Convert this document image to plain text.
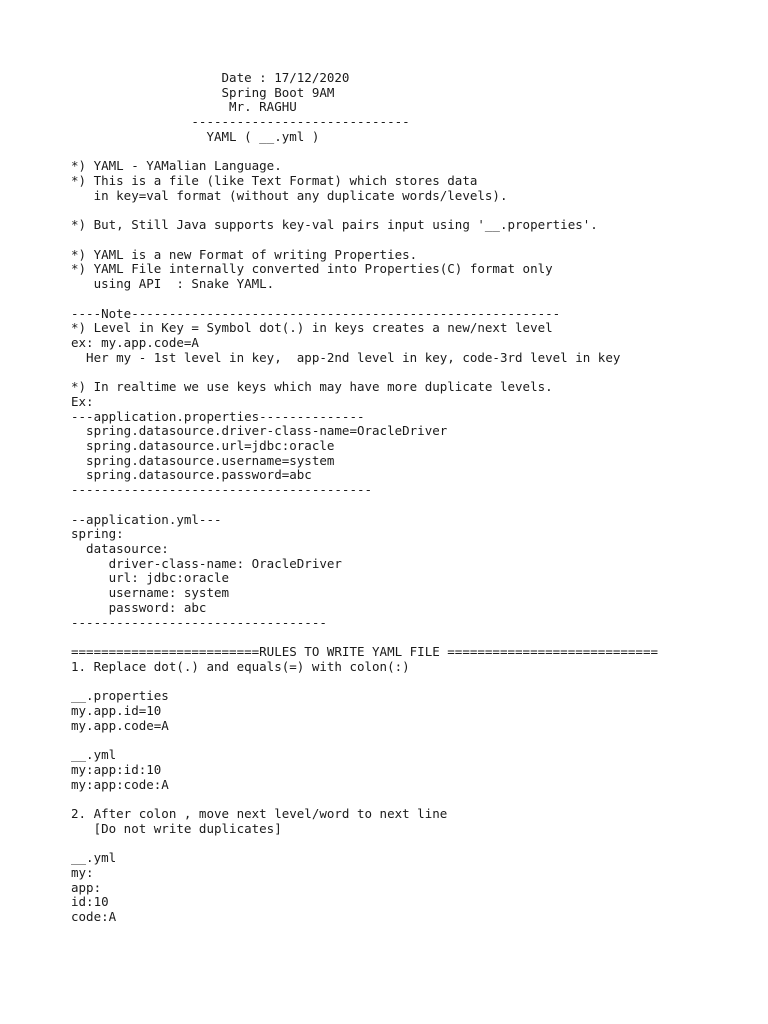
Date : 17/12/2020
Spring Boot 9AM
Mr. RAGHU
-----------------------------
YAML ( __.yml )
*) YAML - YAMalian Language.
*) This is a file (like Text Format) which stores data
in key=val format (without any duplicate words/levels).
*) But, Still Java supports key-val pairs input using '__.properties'.
*) YAML is a new Format of writing Properties.
*) YAML File internally converted into Properties(C) format only
using API  : Snake YAML.
----Note---------------------------------------------------------
*) Level in Key = Symbol dot(.) in keys creates a new/next level
ex: my.app.code=A
Her my - 1st level in key,  app-2nd level in key, code-3rd level in key
*) In realtime we use keys which may have more duplicate levels.
Ex:
---application.properties--------------
spring.datasource.driver-class-name=OracleDriver
spring.datasource.url=jdbc:oracle
spring.datasource.username=system
spring.datasource.password=abc
----------------------------------------
--application.yml---
spring:
datasource:
driver-class-name: OracleDriver
url: jdbc:oracle
username: system
password: abc
----------------------------------
=========================RULES TO WRITE YAML FILE ============================
1. Replace dot(.) and equals(=) with colon(:)
__.properties
my.app.id=10
my.app.code=A
__.yml
my:app:id:10
my:app:code:A
2. After colon , move next level/word to next line
[Do not write duplicates]
__.yml
my:
app:
id:10
code:A
